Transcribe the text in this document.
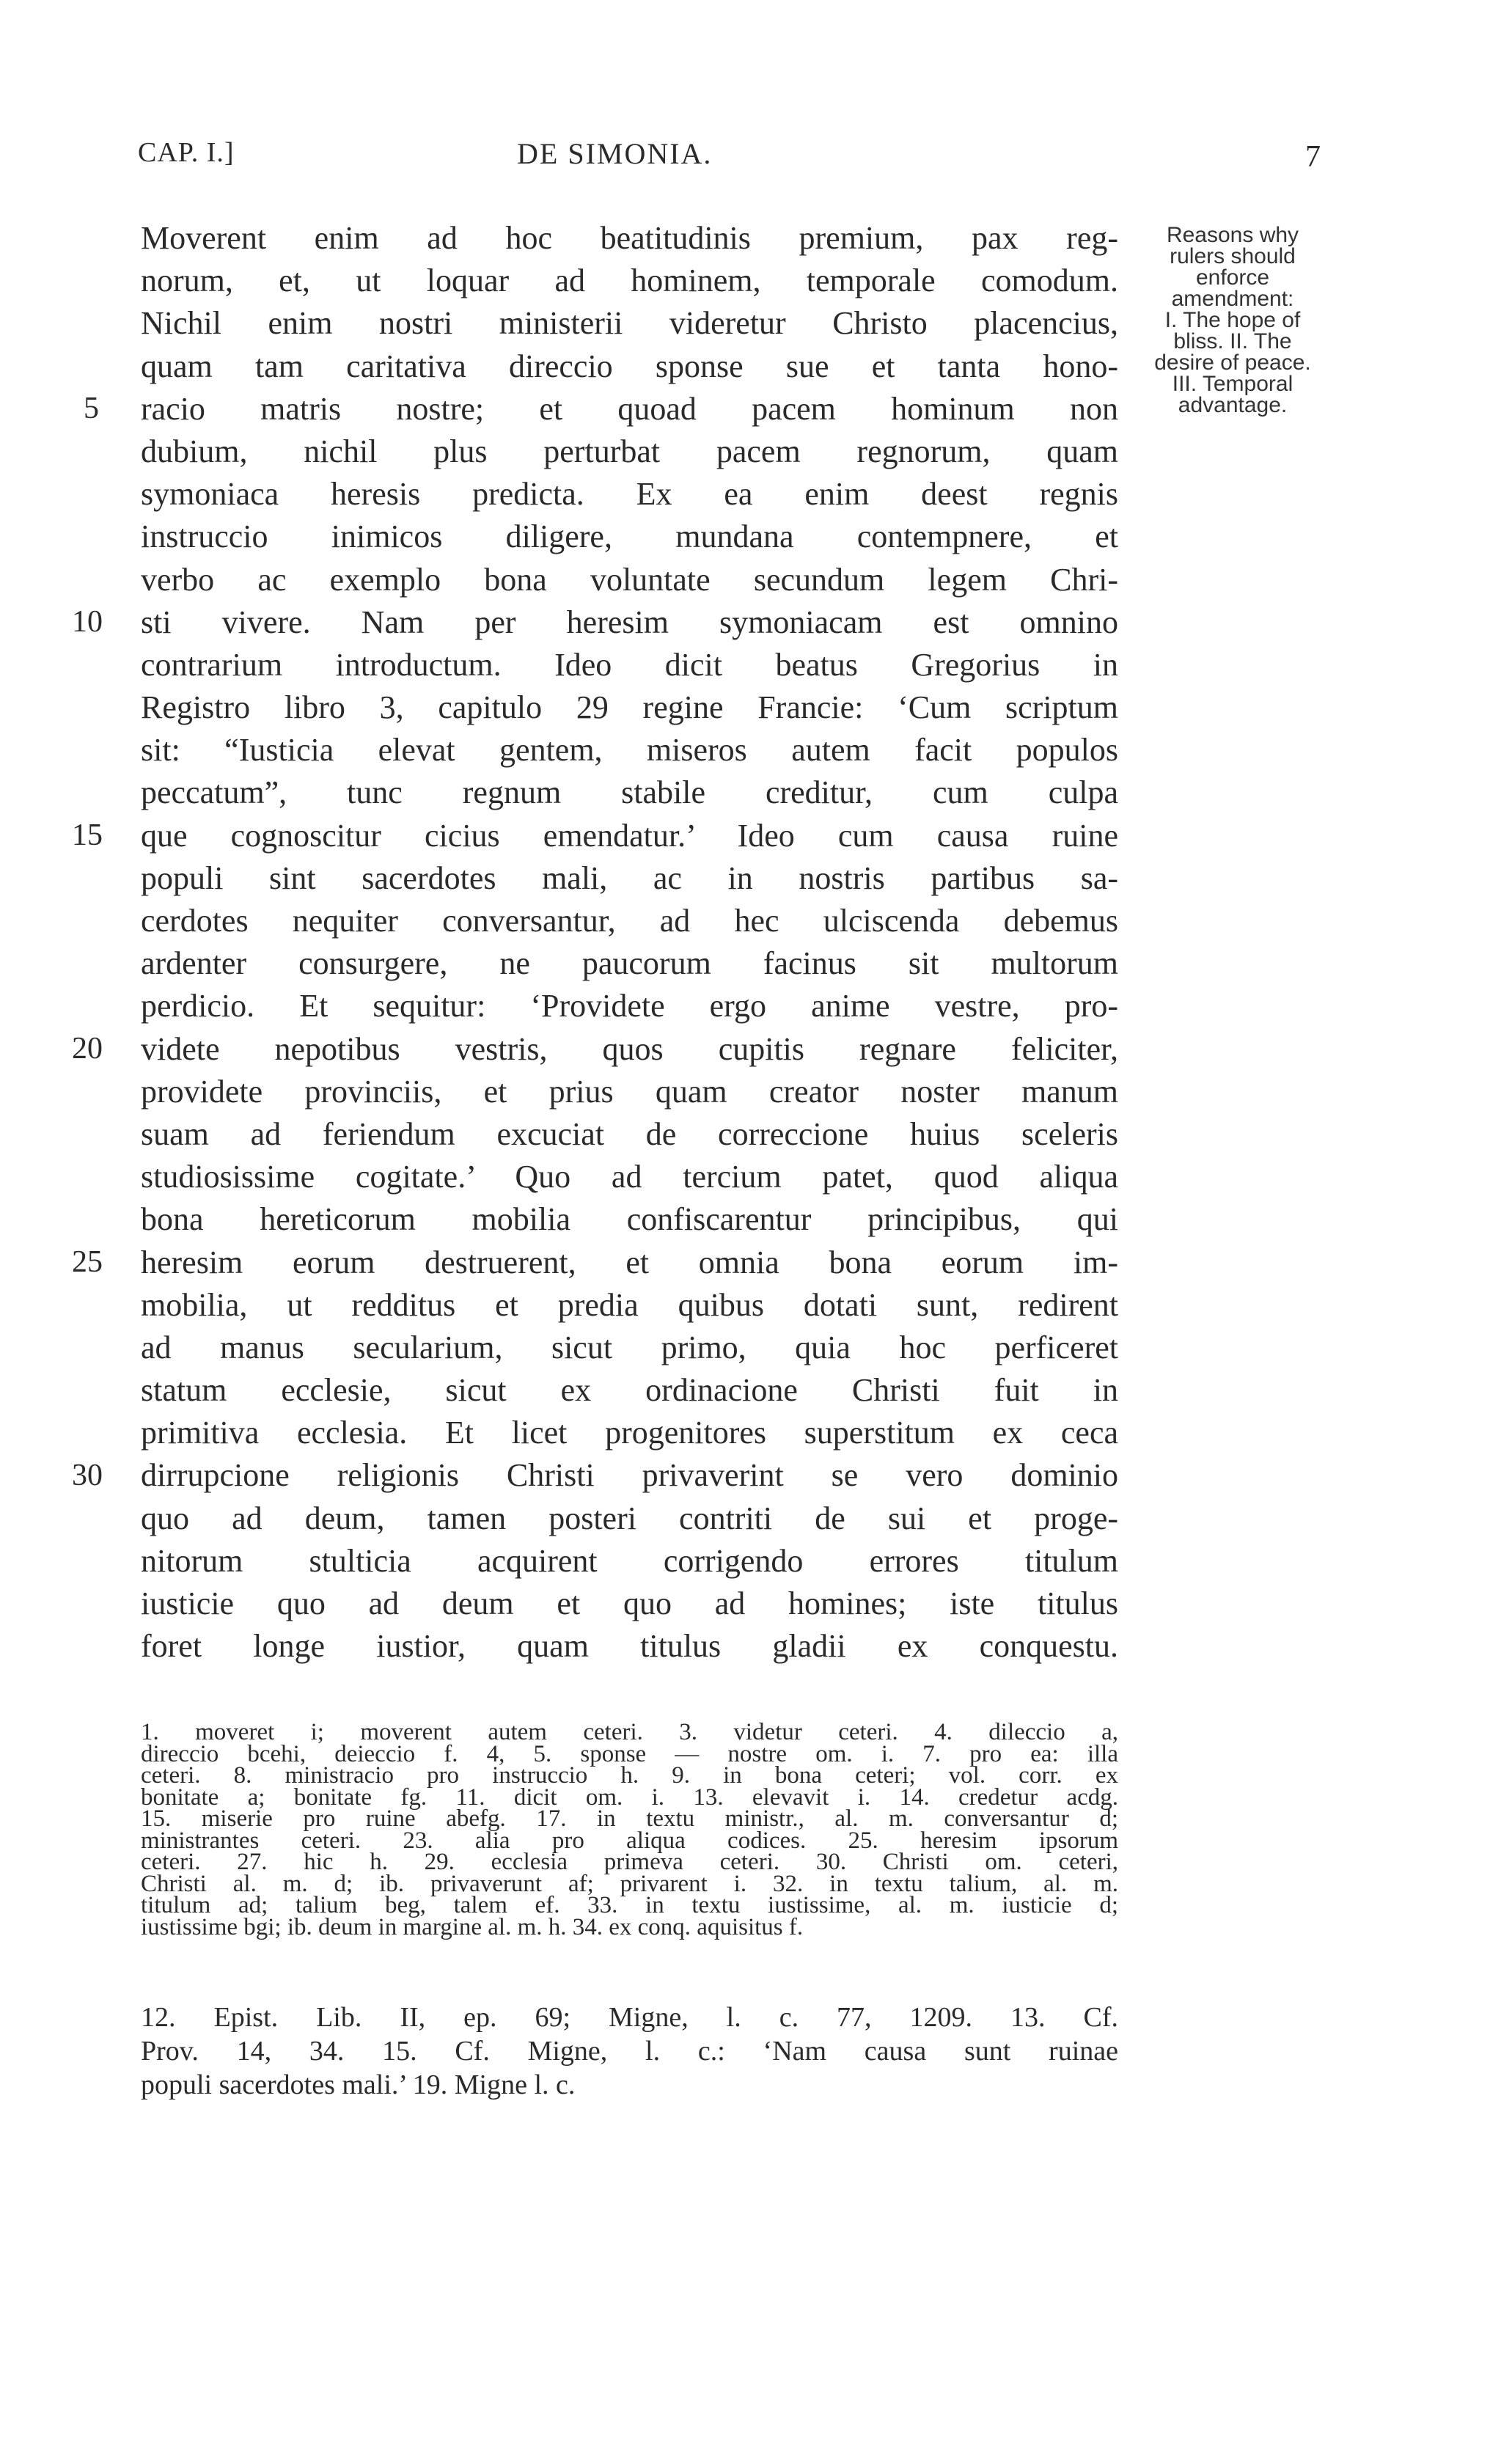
CAP. I.]	DE SIMONIA.	7
Moverent enim ad hoc beatitudinis premium, pax reg-
norum, et, ut loquar ad hominem, temporale comodum.
Nichil enim nostri ministerii videretur Christo placencius,
quam tam caritativa direccio sponse sue et tanta hono-
racio matris nostre; et quoad pacem hominum non
dubium, nichil plus perturbat pacem regnorum, quam
symoniaca heresis predicta. Ex ea enim deest regnis
instruccio inimicos diligere, mundana contempnere, et
verbo ac exemplo bona voluntate secundum legem Chri-
sti vivere. Nam per heresim symoniacam est omnino
contrarium introductum. Ideo dicit beatus Gregorius in
Registro libro 3, capitulo 29 regine Francie: ‘Cum scriptum
sit: “Iusticia elevat gentem, miseros autem facit populos
peccatum”, tunc regnum stabile creditur, cum culpa
que cognoscitur cicius emendatur.’ Ideo cum causa ruine
populi sint sacerdotes mali, ac in nostris partibus sa-
cerdotes nequiter conversantur, ad hec ulciscenda debemus
ardenter consurgere, ne paucorum facinus sit multorum
perdicio. Et sequitur: ‘Providete ergo anime vestre, pro-
videte nepotibus vestris, quos cupitis regnare feliciter,
providete provinciis, et prius quam creator noster manum
suam ad feriendum excuciat de correccione huius sceleris
studiosissime cogitate.’ Quo ad tercium patet, quod aliqua
bona hereticorum mobilia confiscarentur principibus, qui
heresim eorum destruerent, et omnia bona eorum im-
mobilia, ut redditus et predia quibus dotati sunt, redirent
ad manus secularium, sicut primo, quia hoc perficeret
statum ecclesie, sicut ex ordinacione Christi fuit in
primitiva ecclesia. Et licet progenitores superstitum ex ceca
dirrupcione religionis Christi privaverint se vero dominio
quo ad deum, tamen posteri contriti de sui et proge-
nitorum stulticia acquirent corrigendo errores titulum
iusticie quo ad deum et quo ad homines; iste titulus
foret longe iustior, quam titulus gladii ex conquestu.
5
10
15
20
25
30
Reasons why
rulers should
enforce
amendment:
I. The hope of
bliss. II. The
desire of peace.
III. Temporal
advantage.
1. moveret i; moverent autem ceteri. 3. videtur ceteri. 4. dileccio a,
direccio bcehi, deieccio f. 4, 5. sponse — nostre om. i. 7. pro ea: illa
ceteri. 8. ministracio pro instruccio h. 9. in bona ceteri; vol. corr. ex
bonitate a; bonitate fg. 11. dicit om. i. 13. elevavit i. 14. credetur acdg.
15. miserie pro ruine abefg. 17. in textu ministr., al. m. conversantur d;
ministrantes ceteri. 23. alia pro aliqua codices. 25. heresim ipsorum
ceteri. 27. hic h. 29. ecclesia primeva ceteri. 30. Christi om. ceteri,
Christi al. m. d; ib. privaverunt af; privarent i. 32. in textu talium, al. m.
titulum ad; talium beg, talem ef. 33. in textu iustissime, al. m. iusticie d;
iustissime bgi; ib. deum in margine al. m. h. 34. ex conq. aquisitus f.
12. Epist. Lib. II, ep. 69; Migne, l. c. 77, 1209. 13. Cf.
Prov. 14, 34. 15. Cf. Migne, l. c.: ‘Nam causa sunt ruinae
populi sacerdotes mali.’ 19. Migne l. c.
